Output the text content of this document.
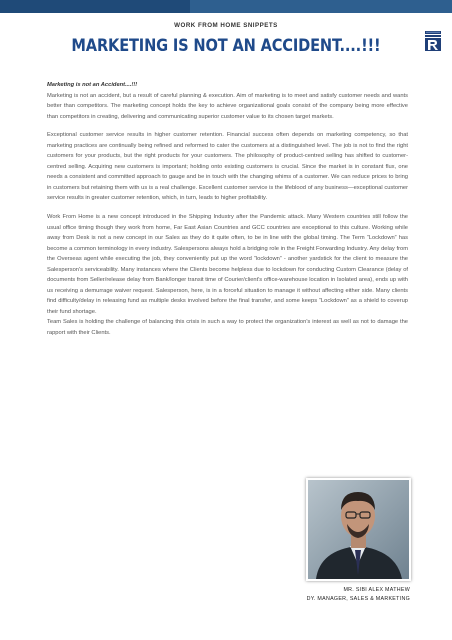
WORK FROM HOME SNIPPETS
MARKETING IS NOT AN ACCIDENT....!!!

Marketing is not an Accident....!!!

Marketing is not an accident, but a result of careful planning & execution. Aim of marketing is to meet and satisfy customer needs and wants better than competitors. The marketing concept holds the key to achieve organizational goals consist of the company being more effective than competitors in creating, delivering and communicating superior customer value to its chosen target markets.

Exceptional customer service results in higher customer retention. Financial success often depends on marketing competency, so that marketing practices are continually being refined and reformed to cater the customers at a distinguished level. The job is not to find the right customers for your products, but the right products for your customers. The philosophy of product-centred selling has shifted to customer-centred selling. Acquiring new customers is important; holding onto existing customers is crucial. Since the market is in constant flux, one needs a consistent and committed approach to gauge and be in touch with the changing whims of a customer. We can reduce prices to bring in customers but retaining them with us is a real challenge. Excellent customer service is the lifeblood of any business—exceptional customer service results in greater customer retention, which, in turn, leads to higher profitability.

Work From Home is a new concept introduced in the Shipping Industry after the Pandemic attack. Many Western countries still follow the usual office timing though they work from home, Far East Asian Countries and GCC countries are exceptional to this culture. Working while away from Desk is not a new concept in our Sales as they do it quite often, to be in line with the global timing. The Term “Lockdown” has become a common terminology in every industry. Salespersons always hold a bridging role in the Freight Forwarding Industry. Any delay from the Overseas agent while executing the job, they conveniently put up the word “lockdown” - another yardstick for the client to measure the Salesperson's serviceability. Many instances where the Clients become helpless due to lockdown for conducting Custom Clearance (delay of documents from Seller/release delay from Bank/longer transit time of Courier/client's office-warehouse location in Isolated area), ends up with us receiving a demurrage waiver request. Salesperson, here, is in a forceful situation to manage it without affecting either side. Many clients find difficulty/delay in releasing fund as multiple desks involved before the final transfer, and some keeps “Lockdown” as a shield to coverup their fund shortage.

Team Sales is holding the challenge of balancing this crisis in such a way to protect the organization's interest as well as not to damage the rapport with their Clients.

MR. SIBI ALEX MATHEW
DY. MANAGER, SALES & MARKETING
